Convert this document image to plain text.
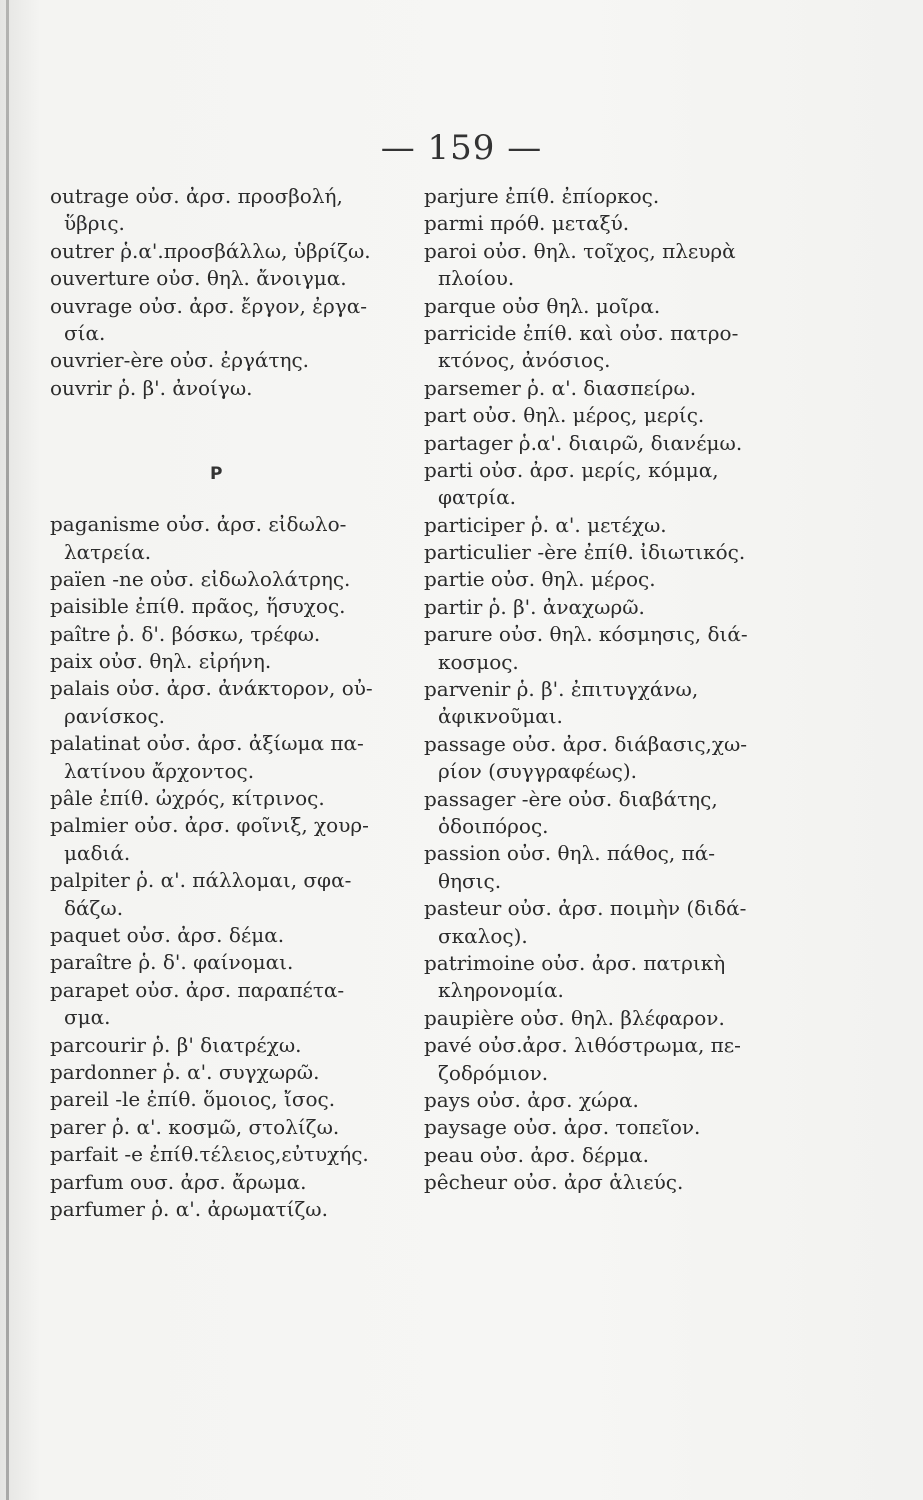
— 159 —
outrage οὐσ. ἀρσ. προσβολή,
ὕβρις.
outrer ῥ.α'.προσβάλλω, ὑβρίζω.
ouverture οὐσ. θηλ. ἄνοιγμα.
ouvrage οὐσ. ἀρσ. ἔργον, ἐργα-
σία.
ouvrier-ère οὐσ. ἐργάτης.
ouvrir ῥ. β'. ἀνοίγω.
P
paganisme οὐσ. ἀρσ. εἰδωλο-
λατρεία.
païen -ne οὐσ. εἰδωλολάτρης.
paisible ἐπίθ. πρᾶος, ἥσυχος.
paître ῥ. δ'. βόσκω, τρέφω.
paix οὐσ. θηλ. εἰρήνη.
palais οὐσ. ἀρσ. ἀνάκτορον, οὐ-
ρανίσκος.
palatinat οὐσ. ἀρσ. ἀξίωμα πα-
λατίνου ἄρχοντος.
pâle ἐπίθ. ὠχρός, κίτρινος.
palmier οὐσ. ἀρσ. φοῖνιξ, χουρ-
μαδιά.
palpiter ῥ. α'. πάλλομαι, σφα-
δάζω.
paquet οὐσ. ἀρσ. δέμα.
paraître ῥ. δ'. φαίνομαι.
parapet οὐσ. ἀρσ. παραπέτα-
σμα.
parcourir ῥ. β' διατρέχω.
pardonner ῥ. α'. συγχωρῶ.
pareil -le ἐπίθ. ὅμοιος, ἴσος.
parer ῥ. α'. κοσμῶ, στολίζω.
parfait -e ἐπίθ.τέλειος,εὐτυχής.
parfum ουσ. ἀρσ. ἄρωμα.
parfumer ῥ. α'. ἀρωματίζω.
parjure ἐπίθ. ἐπίορκος.
parmi πρόθ. μεταξύ.
paroi οὐσ. θηλ. τοῖχος, πλευρὰ
πλοίου.
parque οὐσ θηλ. μοῖρα.
parricide ἐπίθ. καὶ οὐσ. πατρο-
κτόνος, ἀνόσιος.
parsemer ῥ. α'. διασπείρω.
part οὐσ. θηλ. μέρος, μερίς.
partager ῥ.α'. διαιρῶ, διανέμω.
parti οὐσ. ἀρσ. μερίς, κόμμα,
φατρία.
participer ῥ. α'. μετέχω.
particulier -ère ἐπίθ. ἰδιωτικός.
partie οὐσ. θηλ. μέρος.
partir ῥ. β'. ἀναχωρῶ.
parure οὐσ. θηλ. κόσμησις, διά-
κοσμος.
parvenir ῥ. β'. ἐπιτυγχάνω,
ἀφικνοῦμαι.
passage οὐσ. ἀρσ. διάβασις,χω-
ρίον (συγγραφέως).
passager -ère οὐσ. διαβάτης,
ὁδοιπόρος.
passion οὐσ. θηλ. πάθος, πά-
θησις.
pasteur οὐσ. ἀρσ. ποιμὴν (διδά-
σκαλος).
patrimoine οὐσ. ἀρσ. πατρικὴ
κληρονομία.
paupière οὐσ. θηλ. βλέφαρον.
pavé οὐσ.ἀρσ. λιθόστρωμα, πε-
ζοδρόμιον.
pays οὐσ. ἀρσ. χώρα.
paysage οὐσ. ἀρσ. τοπεῖον.
peau οὐσ. ἀρσ. δέρμα.
pêcheur οὐσ. ἀρσ ἁλιεύς.
